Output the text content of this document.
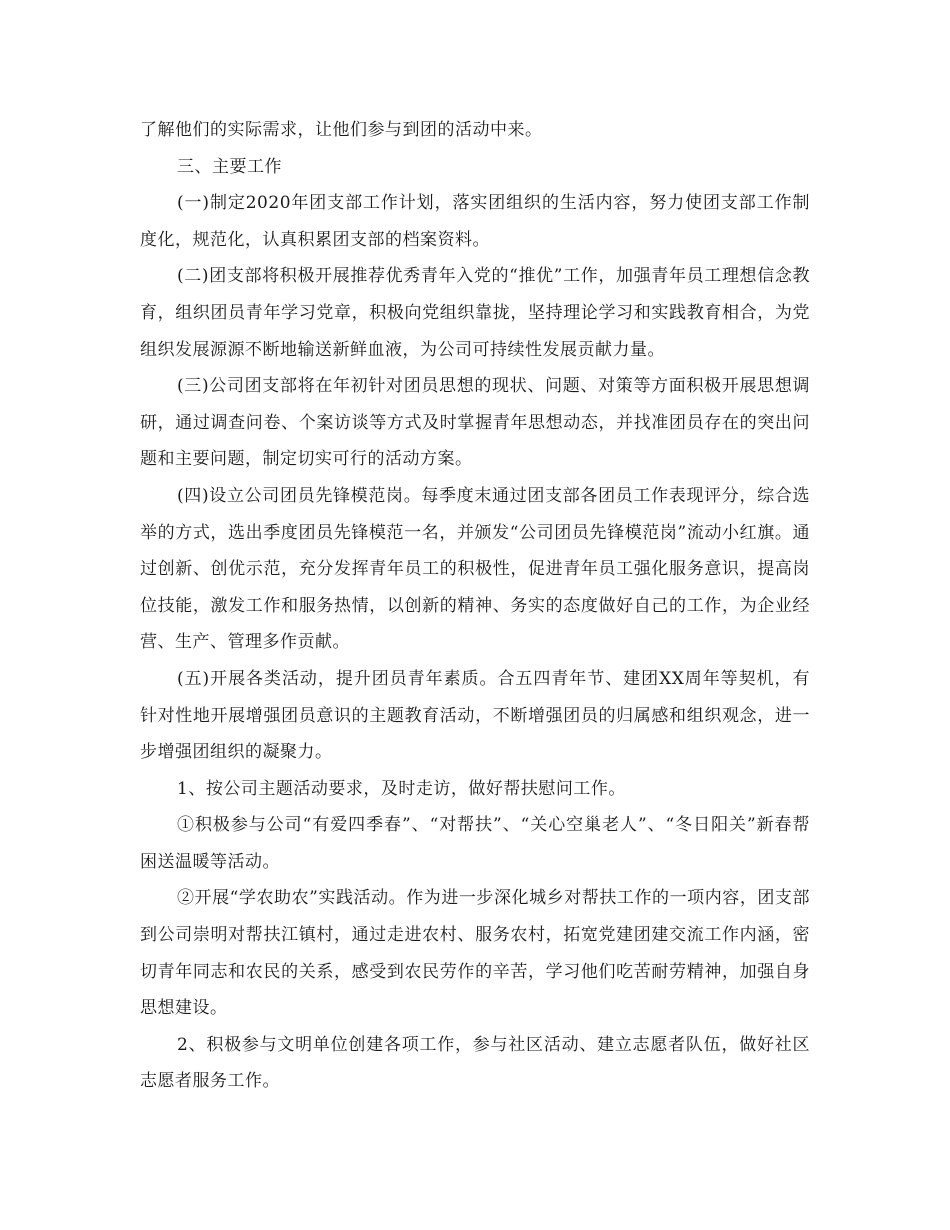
了解他们的实际需求，让他们参与到团的活动中来。

三、主要工作

(一)制定2020年团支部工作计划，落实团组织的生活内容，努力使团支部工作制度化，规范化，认真积累团支部的档案资料。

(二)团支部将积极开展推荐优秀青年入党的“推优”工作，加强青年员工理想信念教育，组织团员青年学习党章，积极向党组织靠拢，坚持理论学习和实践教育相合，为党组织发展源源不断地输送新鲜血液，为公司可持续性发展贡献力量。

(三)公司团支部将在年初针对团员思想的现状、问题、对策等方面积极开展思想调研，通过调查问卷、个案访谈等方式及时掌握青年思想动态，并找准团员存在的突出问题和主要问题，制定切实可行的活动方案。

(四)设立公司团员先锋模范岗。每季度末通过团支部各团员工作表现评分，综合选举的方式，选出季度团员先锋模范一名，并颁发“公司团员先锋模范岗”流动小红旗。通过创新、创优示范，充分发挥青年员工的积极性，促进青年员工强化服务意识，提高岗位技能，激发工作和服务热情，以创新的精神、务实的态度做好自己的工作，为企业经营、生产、管理多作贡献。

(五)开展各类活动，提升团员青年素质。合五四青年节、建团XX周年等契机，有针对性地开展增强团员意识的主题教育活动，不断增强团员的归属感和组织观念，进一步增强团组织的凝聚力。

1、按公司主题活动要求，及时走访，做好帮扶慰问工作。

①积极参与公司“有爱四季春”、“对帮扶”、“关心空巢老人”、“冬日阳关”新春帮困送温暖等活动。

②开展“学农助农”实践活动。作为进一步深化城乡对帮扶工作的一项内容，团支部到公司崇明对帮扶江镇村，通过走进农村、服务农村，拓宽党建团建交流工作内涵，密切青年同志和农民的关系，感受到农民劳作的辛苦，学习他们吃苦耐劳精神，加强自身思想建设。

2、积极参与文明单位创建各项工作，参与社区活动、建立志愿者队伍，做好社区志愿者服务工作。
